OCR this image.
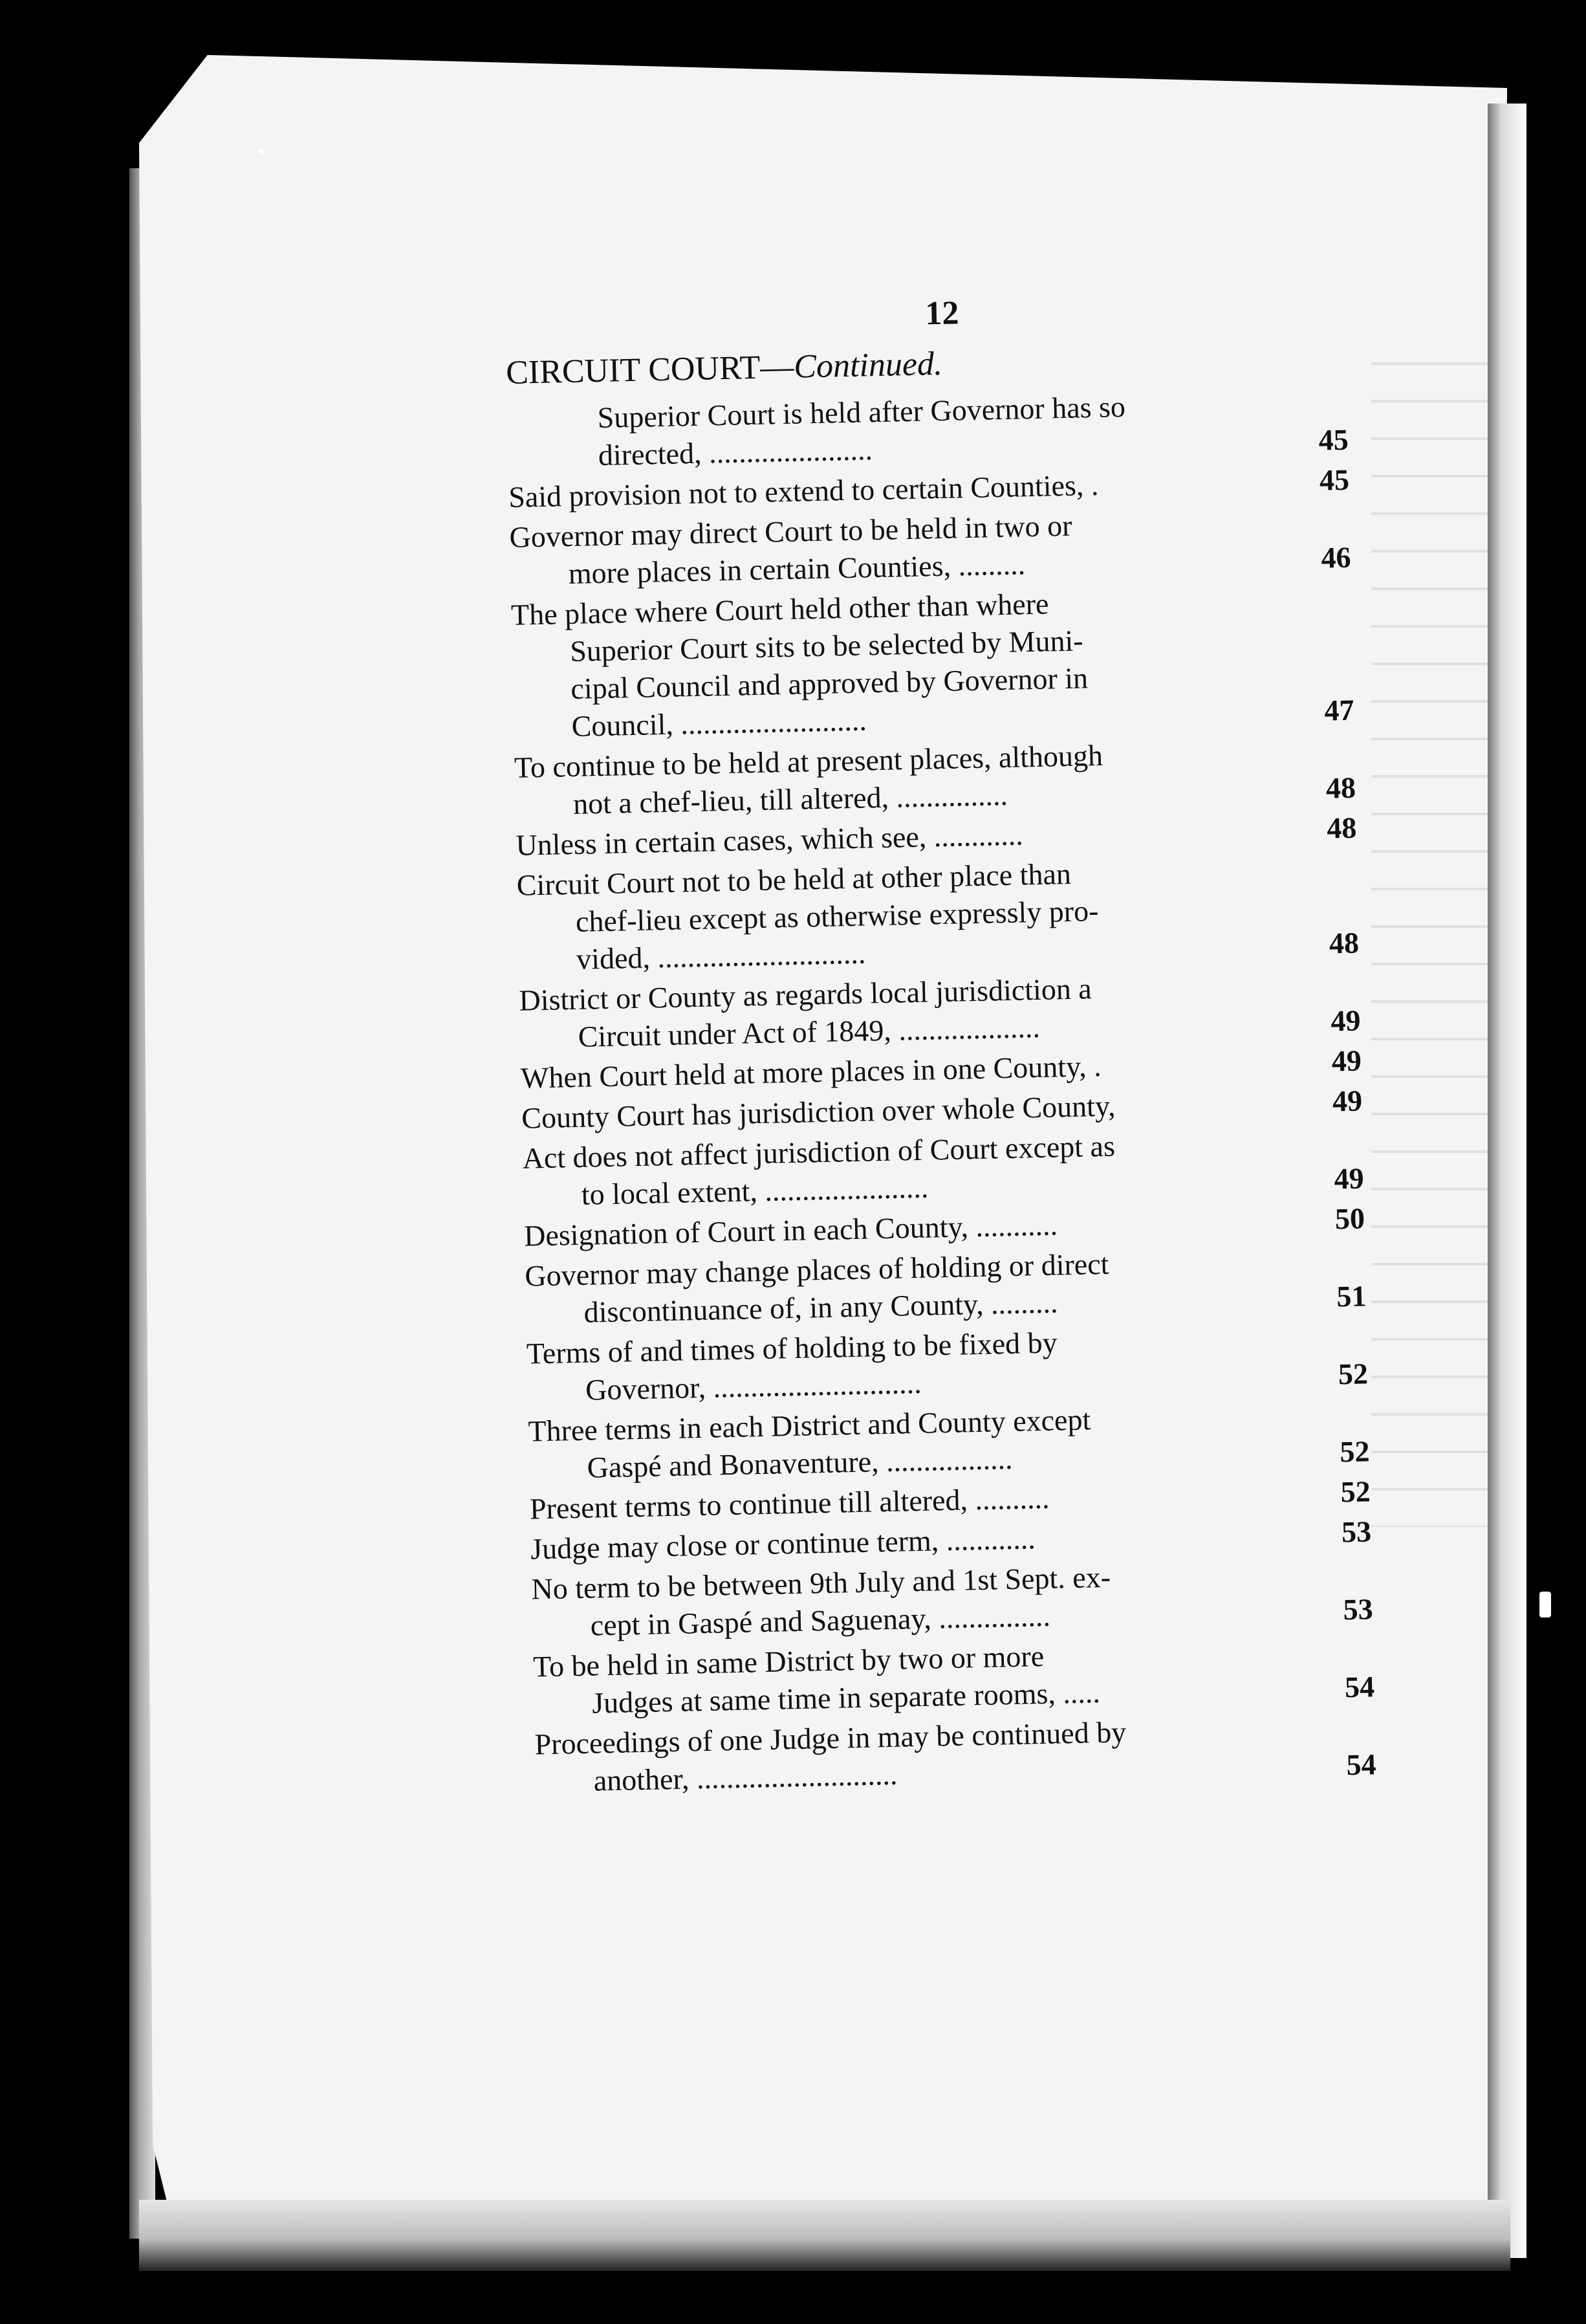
12
CIRCUIT COURT—Continued.
Superior Court is held after Governor has so
directed, ......................	45
Said provision not to extend to certain Counties, .	45
Governor may direct Court to be held in two or
more places in certain Counties, .........	46
The place where Court held other than where
Superior Court sits to be selected by Muni-
cipal Council and approved by Governor in
Council, .........................	47
To continue to be held at present places, although
not a chef-lieu, till altered, ...............	48
Unless in certain cases, which see, ............	48
Circuit Court not to be held at other place than
chef-lieu except as otherwise expressly pro-
vided, ............................	48
District or County as regards local jurisdiction a
Circuit under Act of 1849, ...................	49
When Court held at more places in one County, .	49
County Court has jurisdiction over whole County,	49
Act does not affect jurisdiction of Court except as
to local extent, ......................	49
Designation of Court in each County, ...........	50
Governor may change places of holding or direct
discontinuance of, in any County, .........	51
Terms of and times of holding to be fixed by
Governor, ............................	52
Three terms in each District and County except
Gaspé and Bonaventure, .................	52
Present terms to continue till altered, ..........	52
Judge may close or continue term, ............	53
No term to be between 9th July and 1st Sept. ex-
cept in Gaspé and Saguenay, ...............	53
To be held in same District by two or more
Judges at same time in separate rooms, .....	54
Proceedings of one Judge in may be continued by
another, ...........................	54
